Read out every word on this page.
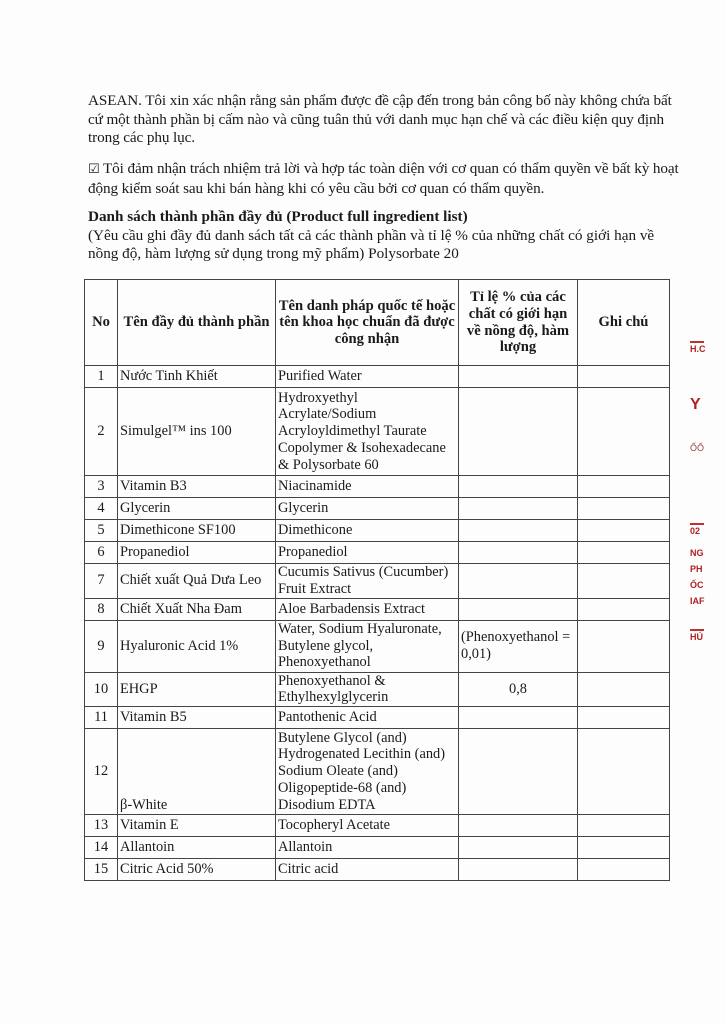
ASEAN. Tôi xin xác nhận rằng sản phẩm được đề cập đến trong bản công bố này không chứa bất cứ một thành phần bị cấm nào và cũng tuân thủ với danh mục hạn chế và các điều kiện quy định trong các phụ lục.
☑ Tôi đảm nhận trách nhiệm trả lời và hợp tác toàn diện với cơ quan có thẩm quyền về bất kỳ hoạt động kiểm soát sau khi bán hàng khi có yêu cầu bởi cơ quan có thẩm quyền.
Danh sách thành phần đầy đủ (Product full ingredient list)
(Yêu cầu ghi đầy đủ danh sách tất cả các thành phần và tỉ lệ % của những chất có giới hạn về nồng độ, hàm lượng sử dụng trong mỹ phẩm) Polysorbate 20
No	Tên đầy đủ thành phần	Tên danh pháp quốc tế hoặc tên khoa học chuẩn đã được công nhận	Tỉ lệ % của các chất có giới hạn về nồng độ, hàm lượng	Ghi chú
1	Nước Tinh Khiết	Purified Water		
2	Simulgel™ ins 100	Hydroxyethyl Acrylate/Sodium Acryloyldimethyl Taurate Copolymer & Isohexadecane & Polysorbate 60		
3	Vitamin B3	Niacinamide		
4	Glycerin	Glycerin		
5	Dimethicone SF100	Dimethicone		
6	Propanediol	Propanediol		
7	Chiết xuất Quả Dưa Leo	Cucumis Sativus (Cucumber) Fruit Extract		
8	Chiết Xuất Nha Đam	Aloe Barbadensis Extract		
9	Hyaluronic Acid 1%	Water, Sodium Hyaluronate, Butylene glycol, Phenoxyethanol	(Phenoxyethanol = 0,01)	
10	EHGP	Phenoxyethanol & Ethylhexylglycerin	0,8	
11	Vitamin B5	Pantothenic Acid		
12	β-White	Butylene Glycol (and) Hydrogenated Lecithin (and) Sodium Oleate (and) Oligopeptide-68 (and) Disodium EDTA		
13	Vitamin E	Tocopheryl Acetate		
14	Allantoin	Allantoin		
15	Citric Acid 50%	Citric acid		
H.C
Y
ỐỔ
02
NG
PH
ỐC
IAF
HÚ
